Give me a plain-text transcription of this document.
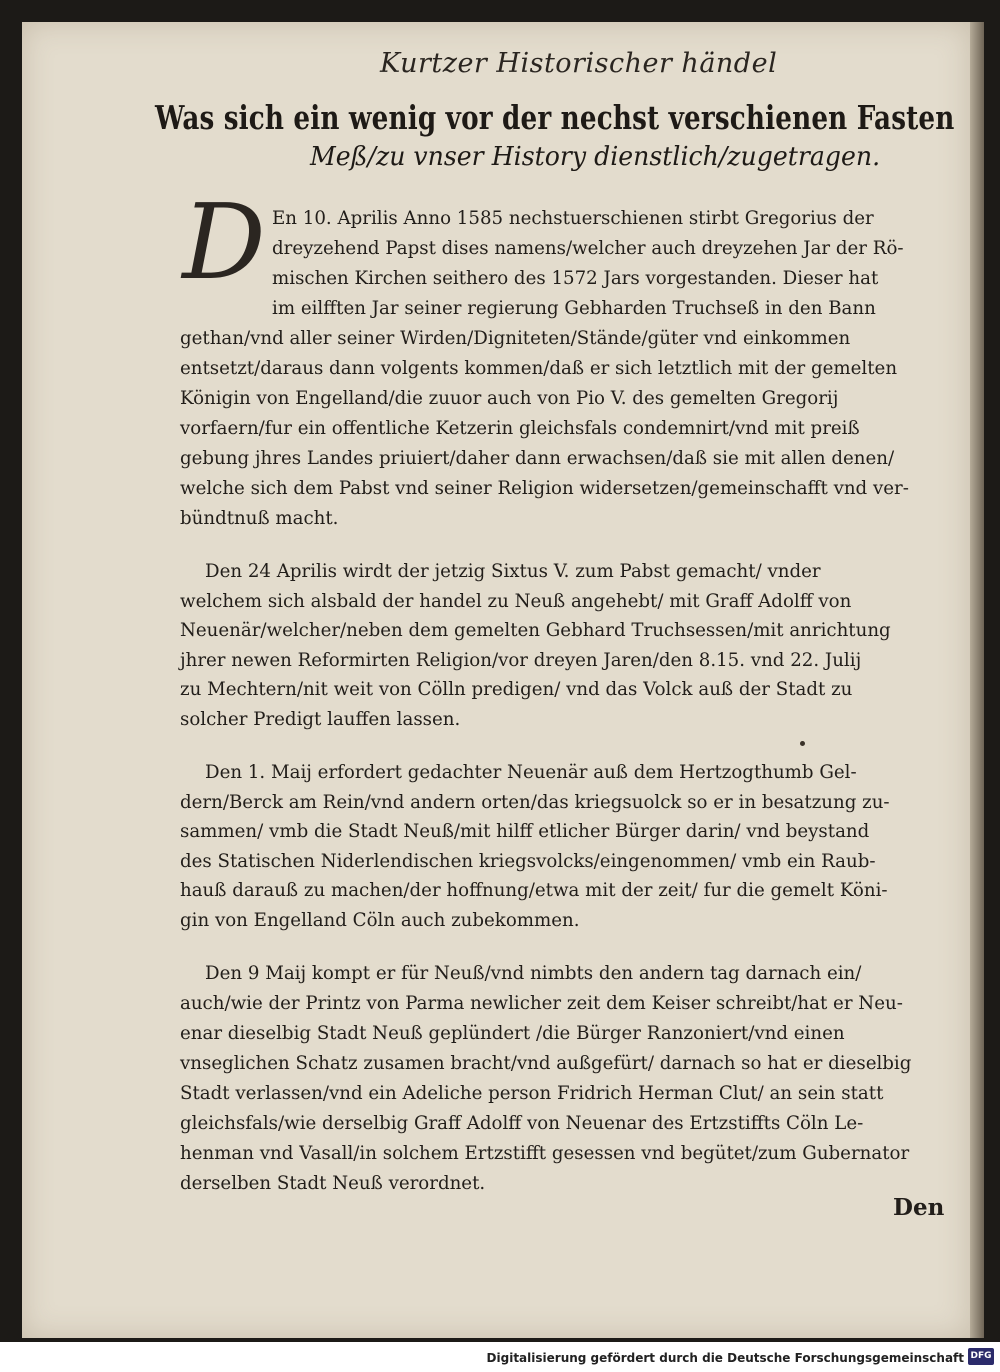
Kurtzer Historischer händel
Was sich ein wenig vor der nechst verschienen Fasten
Meß/zu vnser History dienstlich/zugetragen.
D En 10. Aprilis Anno 1585 nechstuerschienen stirbt Gregorius der
dreyzehend Papst dises namens/welcher auch dreyzehen Jar der Rö-
mischen Kirchen seithero des 1572 Jars vorgestanden. Dieser hat
im eilfften Jar seiner regierung Gebharden Truchseß in den Bann
gethan/vnd aller seiner Wirden/Digniteten/Stände/güter vnd einkommen
entsetzt/daraus dann volgents kommen/daß er sich letztlich mit der gemelten
Königin von Engelland/die zuuor auch von Pio V. des gemelten Gregorij
vorfaern/fur ein offentliche Ketzerin gleichsfals condemnirt/vnd mit preiß
gebung jhres Landes priuiert/daher dann erwachsen/daß sie mit allen denen/
welche sich dem Pabst vnd seiner Religion widersetzen/gemeinschafft vnd ver-
bündtnuß macht.
Den 24 Aprilis wirdt der jetzig Sixtus V. zum Pabst gemacht/ vnder
welchem sich alsbald der handel zu Neuß angehebt/ mit Graff Adolff von
Neuenär/welcher/neben dem gemelten Gebhard Truchsessen/mit anrichtung
jhrer newen Reformirten Religion/vor dreyen Jaren/den 8.15. vnd 22. Julij
zu Mechtern/nit weit von Cölln predigen/ vnd das Volck auß der Stadt zu
solcher Predigt lauffen lassen.
Den 1. Maij erfordert gedachter Neuenär auß dem Hertzogthumb Gel-
dern/Berck am Rein/vnd andern orten/das kriegsuolck so er in besatzung zu-
sammen/ vmb die Stadt Neuß/mit hilff etlicher Bürger darin/ vnd beystand
des Statischen Niderlendischen kriegsvolcks/eingenommen/ vmb ein Raub-
hauß darauß zu machen/der hoffnung/etwa mit der zeit/ fur die gemelt Köni-
gin von Engelland Cöln auch zubekommen.
Den 9 Maij kompt er für Neuß/vnd nimbts den andern tag darnach ein/
auch/wie der Printz von Parma newlicher zeit dem Keiser schreibt/hat er Neu-
enar dieselbig Stadt Neuß geplündert /die Bürger Ranzoniert/vnd einen
vnseglichen Schatz zusamen bracht/vnd außgefürt/ darnach so hat er dieselbig
Stadt verlassen/vnd ein Adeliche person Fridrich Herman Clut/ an sein statt
gleichsfals/wie derselbig Graff Adolff von Neuenar des Ertzstiffts Cöln Le-
henman vnd Vasall/in solchem Ertzstifft gesessen vnd begütet/zum Gubernator
derselben Stadt Neuß verordnet.
Den
Digitalisierung gefördert durch die Deutsche Forschungsgemeinschaft DFG
